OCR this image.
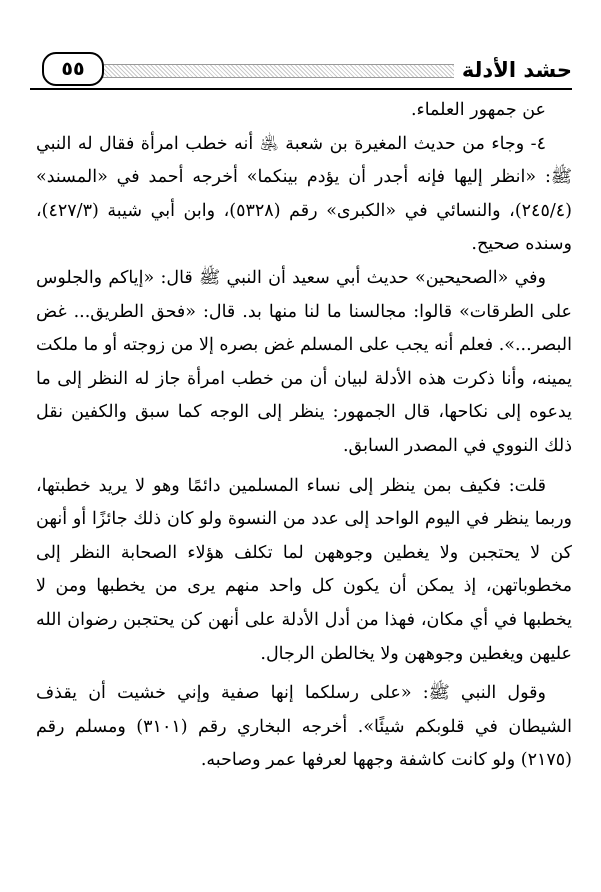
٥٥	حشد الأدلة

عن جمهور العلماء.

٤- وجاء من حديث المغيرة بن شعبة ﵁ أنه خطب امرأة فقال له النبي ﷺ: «انظر إليها فإنه أجدر أن يؤدم بينكما» أخرجه أحمد في «المسند» (٢٤٥/٤)، والنسائي في «الكبرى» رقم (٥٣٢٨)، وابن أبي شيبة (٤٢٧/٣)، وسنده صحيح.

وفي «الصحيحين» حديث أبي سعيد أن النبي ﷺ قال: «إياكم والجلوس على الطرقات» قالوا: مجالسنا ما لنا منها بد. قال: «فحق الطريق... غض البصر...». فعلم أنه يجب على المسلم غض بصره إلا من زوجته أو ما ملكت يمينه، وأنا ذكرت هذه الأدلة لبيان أن من خطب امرأة جاز له النظر إلى ما يدعوه إلى نكاحها، قال الجمهور: ينظر إلى الوجه كما سبق والكفين نقل ذلك النووي في المصدر السابق.

قلت: فكيف بمن ينظر إلى نساء المسلمين دائمًا وهو لا يريد خطبتها، وربما ينظر في اليوم الواحد إلى عدد من النسوة ولو كان ذلك جائزًا أو أنهن كن لا يحتجبن ولا يغطين وجوههن لما تكلف هؤلاء الصحابة النظر إلى مخطوباتهن، إذ يمكن أن يكون كل واحد منهم يرى من يخطبها ومن لا يخطبها في أي مكان، فهذا من أدل الأدلة على أنهن كن يحتجبن رضوان الله عليهن ويغطين وجوههن ولا يخالطن الرجال.

وقول النبي ﷺ: «على رسلكما إنها صفية وإني خشيت أن يقذف الشيطان في قلوبكم شيئًا». أخرجه البخاري رقم (٣١٠١) ومسلم رقم (٢١٧٥) ولو كانت كاشفة وجهها لعرفها عمر وصاحبه.
